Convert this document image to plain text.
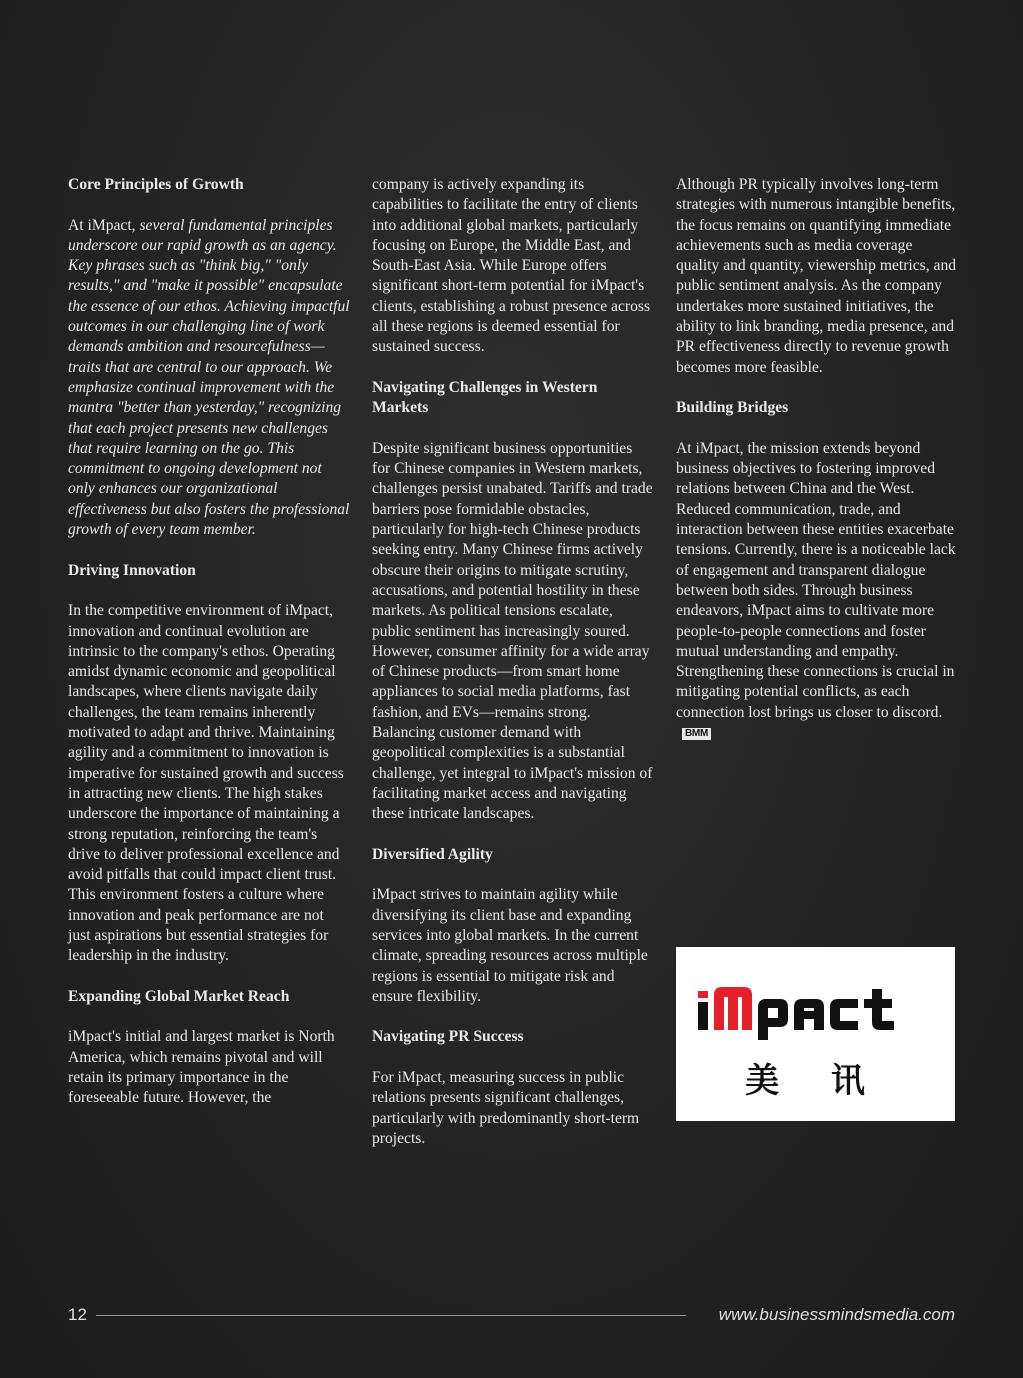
Core Principles of Growth

At iMpact, several fundamental principles underscore our rapid growth as an agency. Key phrases such as "think big," "only results," and "make it possible" encapsulate the essence of our ethos. Achieving impactful outcomes in our challenging line of work demands ambition and resourcefulness—traits that are central to our approach. We emphasize continual improvement with the mantra "better than yesterday," recognizing that each project presents new challenges that require learning on the go. This commitment to ongoing development not only enhances our organizational effectiveness but also fosters the professional growth of every team member.

Driving Innovation

In the competitive environment of iMpact, innovation and continual evolution are intrinsic to the company's ethos. Operating amidst dynamic economic and geopolitical landscapes, where clients navigate daily challenges, the team remains inherently motivated to adapt and thrive. Maintaining agility and a commitment to innovation is imperative for sustained growth and success in attracting new clients. The high stakes underscore the importance of maintaining a strong reputation, reinforcing the team's drive to deliver professional excellence and avoid pitfalls that could impact client trust. This environment fosters a culture where innovation and peak performance are not just aspirations but essential strategies for leadership in the industry.

Expanding Global Market Reach

iMpact's initial and largest market is North America, which remains pivotal and will retain its primary importance in the foreseeable future. However, the

company is actively expanding its capabilities to facilitate the entry of clients into additional global markets, particularly focusing on Europe, the Middle East, and South-East Asia. While Europe offers significant short-term potential for iMpact's clients, establishing a robust presence across all these regions is deemed essential for sustained success.

Navigating Challenges in Western Markets

Despite significant business opportunities for Chinese companies in Western markets, challenges persist unabated. Tariffs and trade barriers pose formidable obstacles, particularly for high-tech Chinese products seeking entry. Many Chinese firms actively obscure their origins to mitigate scrutiny, accusations, and potential hostility in these markets. As political tensions escalate, public sentiment has increasingly soured. However, consumer affinity for a wide array of Chinese products—from smart home appliances to social media platforms, fast fashion, and EVs—remains strong. Balancing customer demand with geopolitical complexities is a substantial challenge, yet integral to iMpact's mission of facilitating market access and navigating these intricate landscapes.

Diversified Agility

iMpact strives to maintain agility while diversifying its client base and expanding services into global markets. In the current climate, spreading resources across multiple regions is essential to mitigate risk and ensure flexibility.

Navigating PR Success

For iMpact, measuring success in public relations presents significant challenges, particularly with predominantly short-term projects.

Although PR typically involves long-term strategies with numerous intangible benefits, the focus remains on quantifying immediate achievements such as media coverage quality and quantity, viewership metrics, and public sentiment analysis. As the company undertakes more sustained initiatives, the ability to link branding, media presence, and PR effectiveness directly to revenue growth becomes more feasible.

Building Bridges

At iMpact, the mission extends beyond business objectives to fostering improved relations between China and the West. Reduced communication, trade, and interaction between these entities exacerbate tensions. Currently, there is a noticeable lack of engagement and transparent dialogue between both sides. Through business endeavors, iMpact aims to cultivate more people-to-people connections and foster mutual understanding and empathy. Strengthening these connections is crucial in mitigating potential conflicts, as each connection lost brings us closer to discord.BMM

美 讯
12	www.businessmindsmedia.com
